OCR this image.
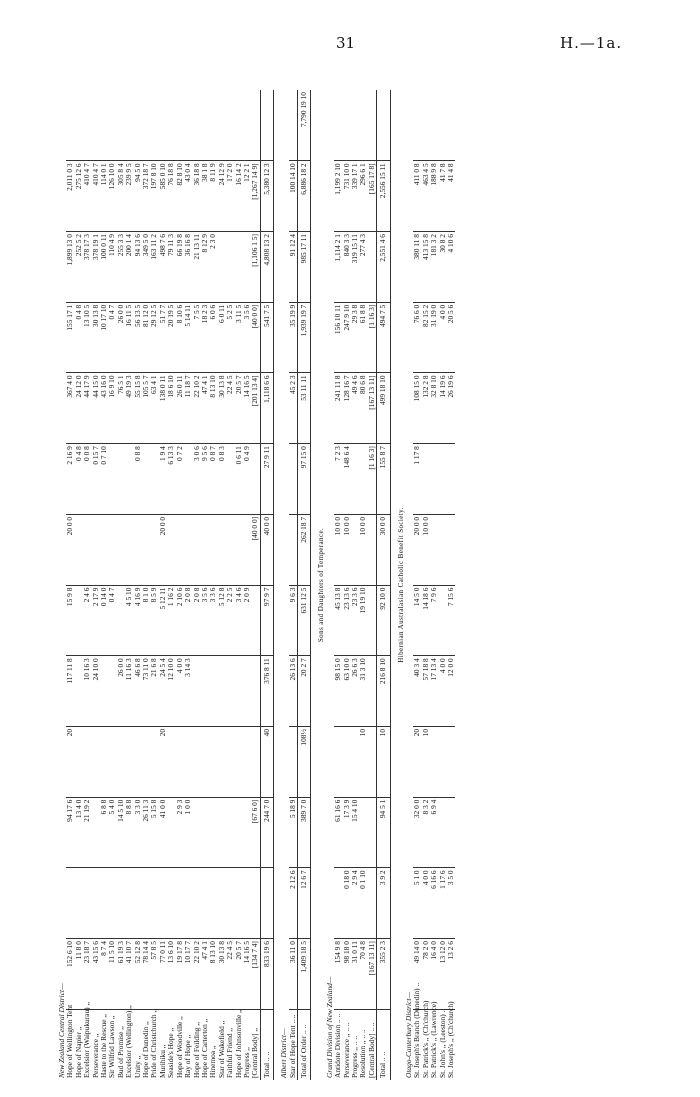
31	H.—1a.
New Zealand Central District—													
Hope of Wellington Tent	152 6 10		94 17 6	20	117 11 8	15 9 8	20 0 0	2 16 9	367 4 0	155 17 1	1,899 13 0	2,011 0 3	
Hope of Napier ,,	11 8 0		13 4 0					0 4 8	24 12 0	0 4 8	252 5 2	275 12 6	
Excelsior (Waipukurau) ,,	23 18 7		21 19 2		10 16 3	2 4 6		0 0 8	44 17 9	13 10 5	378 17 3	410 4 7	
Perseverance ,,	43 15 6				24 10 0	2 17 9		0 15 7	44 15 0	30 13 8	378 19 1	410 4 7	
Haste to the Rescue ,,	8 7 4		6 8 8			0 14 0		0 7 10	43 16 0	10 17 10	100 0 11	114 0 1	
Sir Wilfrid Lawson ,,	11 5 10		5 4 0			0 4 7			16 9 10	0 4 7	110 4 9	126 10 0	
Bud of Promise ,,	61 19 3		14 5 10		26 0 0				76 5 1	26 0 0	255 3 3	305 8 4	
Excelsior (Wellington) ,,	41 10 7		8 8 8		11 16 3	4 5 10			49 19 3	16 11 5	200 1 4	239 9 5	
Unity ,,	52 12 8		3 3 0		46 6 8	4 16 9		0 8 8	55 15 8	56 13 5	94 13 6	94 5 0	
Hope of Dunedin ,,	78 14 4		26 11 3		73 11 0	8 1 0			105 5 7	81 12 0	349 5 0	372 18 7	
Pride of Christchurch ,,	57 8 5		5 15 8		21 6 8	8 5 9			63 4 1	29 12 5	163 11 2	197 8 10	
Murihiku ,,	77 0 11		41 0 0	20	24 5 4	5 12 11	20 0 0	1 9 4	138 0 11	51 7 7	498 7 6	585 0 10	
Seaside's Hope ,,	13 6 10				12 10 0	1 16 2		6 13 3	18 6 10	20 19 5	79 11 3	76 18 8	
Hope of Woodville ,,	19 17 8		2 9 3		4 0 0	2 10 6		0 7 2	26 0 11	8 10 6	66 19 8	82 8 10	
Ray of Hope ,,	10 17 7		1 0 0		3 14 3	2 0 8			11 18 7	5 14 11	36 16 8	43 0 4	
Hope of Feilding ,,	22 10 2					2 0 8		3 0 6	22 10 2	7 5 5	21 13 11	36 18 8	
Hope of Carterton ,,	47 4 1					3 5 6		9 5 6	47 4 1	18 2 3	8 12 9	38 1 8	
Hinemoa ,,	8 13 10					3 3 6		0 8 7	8 13 10	6 0 6	2 3 0	8 11 9	
Star of Wakefield ,,	30 13 8					5 12 8		0 8 3	30 13 8	6 0 11		24 12 9	
Faithful Friend ,,	22 4 5					2 2 5			22 4 5	5 2 5		17 2 0	
Hope of Johnsonville ,,	20 5 7					3 4 6		0 6 11	20 5 7	3 11 5		16 14 2	
Progress ,,	14 16 5					2 0 9		0 4 9	14 16 5	3 5 6		12 2 1	
[Central Body] ,,	[134 7 4]		[67 6 0]				[40 0 0]		[201 13 4]	[40 0 0]	[1,106 1 5]	[1,267 14 9]	
Total .. ..	833 19 6		244 7 0	40	376 8 11	97 9 7	40 0 0	27 9 11	1,118 6 6	541 7 5	4,808 13 2	5,380 12 3	

Albert District—													
Star of Hope Tent .. ..	36 11 0	2 12 6	5 18 9		26 13 6	9 6 3			45 2 3	35 19 9	91 12 4	100 14 10	
Total of Order .. ..	1,409 18 5	12 6 7	389 7 0	108½	20 2 7	631 12 5	262 18 7	97 15 0	53 11 11	1,939 19 7	985 17 11	6,886 18 2	7,790 19 10

Sons and Daughters of Temperance.													
Grand Division of New Zealand—													
Antidote Division .. ..	154 9 8		61 16 6		98 15 0	45 13 8	10 0 0	7 2 3	241 11 8	156 10 11	1,114 2 1	1,199 2 10	
Perseverance ,, .. ..	98 18 0	0 18 0	17 3 9		63 10 0	23 13 6	10 0 0	148 6 4	128 16 7	247 9 10	840 3 3	731 10 0	
Progress ,, .. ..	31 0 11	2 9 4	15 4 10		26 6 3	23 3 6			49 4 6	29 3 8	319 15 11	339 17 1	
Resolution ,, .. ..	70 4 8	0 1 10		10	31 3 10	19 19 10	10 0 0		80 6 8	61 8 8	277 4 3	296 6 1	
[Central Body] .. ..	[167 13 11]							[1 16 3]	[167 13 11]	[1 16 3]		[165 17 8]	
Total .. ..	355 2 3	3 9 2	94 5 1	10	216 8 10	92 10 0	30 0 0	155 8 7	499 18 10	494 7 5	2,551 4 6	2,556 15 11	

Hibernian Australasian Catholic Benefit Society.													
Otago-Canterbury District—													
St. Joseph's Branch (Dunedin) ..	49 14 0	5 1 0	32 0 0	20	40 3 4	14 5 0	20 0 0	1 17 8	108 15 0	76 6 0	380 11 8	411 0 8	
St. Patrick's ,, (Ch'church)	78 2 0	4 0 0	8 3 2	10	57 18 8	14 18 6	10 0 0		132 2 8	82 15 2	413 15 8	463 4 5	
St. Patrick's ,, (Lawrence)	16 4 0	6 16 6	6 9 4		17 13 4	7 9 6			32 8 10	31 19 0	181 3 2	188 9 8	
St. John's ,, (Leeston) ..	13 12 0	1 17 6			4 0 0				14 19 6	4 0 0	30 8 2	41 7 8	
St. Joseph's ,, (Ch'church)	13 2 6	3 5 0			12 0 0	7 15 6			26 19 6	20 5 6	4 10 6	41 4 8	
